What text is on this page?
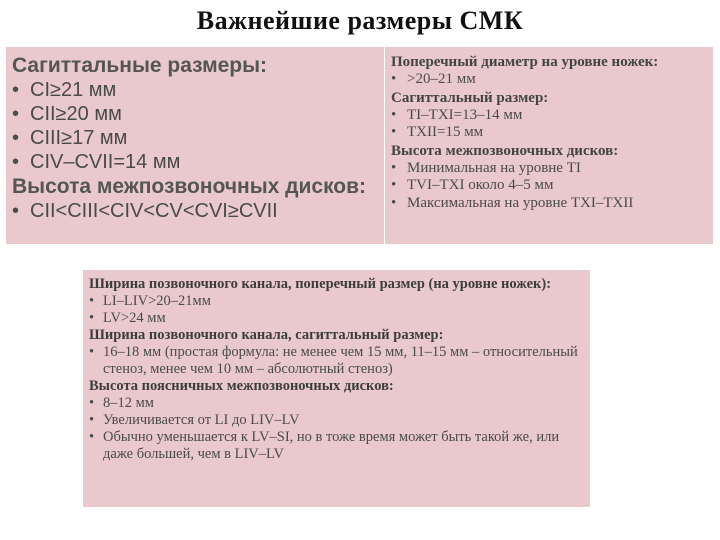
Важнейшие размеры СМК
Сагиттальные размеры:
• CI≥21 мм
• CII≥20 мм
• CIII≥17 мм
• CIV–CVII=14 мм
Высота межпозвоночных дисков:
• CII<CIII<CIV<CV<CVI≥CVII
Поперечный диаметр на уровне ножек:
• >20–21 мм
Сагиттальный размер:
• TI–TXI=13–14 мм
• TXII=15 мм
Высота межпозвоночных дисков:
• Минимальная на уровне TI
• TVI–TXI около 4–5 мм
• Максимальная на уровне TXI–TXII
Ширина позвоночного канала, поперечный размер (на уровне ножек):
• LI–LIV>20–21мм
• LV>24 мм
Ширина позвоночного канала, сагиттальный размер:
• 16–18 мм (простая формула: не менее чем 15 мм, 11–15 мм – относительный стеноз, менее чем 10 мм – абсолютный стеноз)
Высота поясничных межпозвоночных дисков:
• 8–12 мм
• Увеличивается от LI до LIV–LV
• Обычно уменьшается к LV–SI, но в тоже время может быть такой же, или даже большей, чем в LIV–LV
